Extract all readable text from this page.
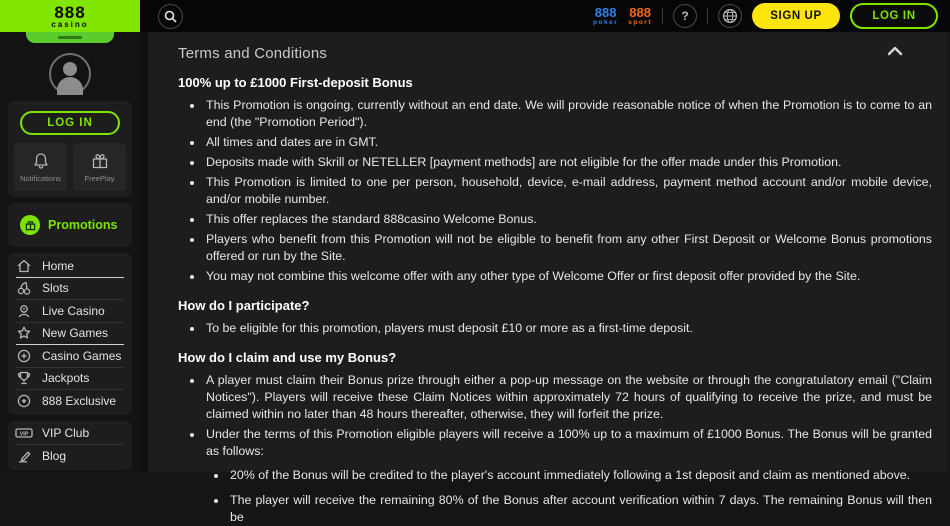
888
poker
888
sport ?	SIGN UP	LOG IN
888
casino
LOG IN
Notifications	FreePlay
Promotions
Home
Slots
Live Casino
New Games
Casino Games
Jackpots
888 Exclusive
VIP VIP Club
Blog
Terms and Conditions
100% up to £1000 First-deposit Bonus
• This Promotion is ongoing, currently without an end date. We will provide reasonable notice of when the Promotion is to come to an end (the "Promotion Period").
• All times and dates are in GMT.
• Deposits made with Skrill or NETELLER [payment methods] are not eligible for the offer made under this Promotion.
• This Promotion is limited to one per person, household, device, e-mail address, payment method account and/or mobile device, and/or mobile number.
• This offer replaces the standard 888casino Welcome Bonus.
• Players who benefit from this Promotion will not be eligible to benefit from any other First Deposit or Welcome Bonus promotions offered or run by the Site.
• You may not combine this welcome offer with any other type of Welcome Offer or first deposit offer provided by the Site.
How do I participate?
• To be eligible for this promotion, players must deposit £10 or more as a first-time deposit.
How do I claim and use my Bonus?
• A player must claim their Bonus prize through either a pop-up message on the website or through the congratulatory email ("Claim Notices"). Players will receive these Claim Notices within approximately 72 hours of qualifying to receive the prize, and must be claimed within no later than 48 hours thereafter, otherwise, they will forfeit the prize.
• Under the terms of this Promotion eligible players will receive a 100% up to a maximum of £1000 Bonus. The Bonus will be granted as follows:
• 20% of the Bonus will be credited to the player's account immediately following a 1st deposit and claim as mentioned above.
• The player will receive the remaining 80% of the Bonus after account verification within 7 days. The remaining Bonus will then be
